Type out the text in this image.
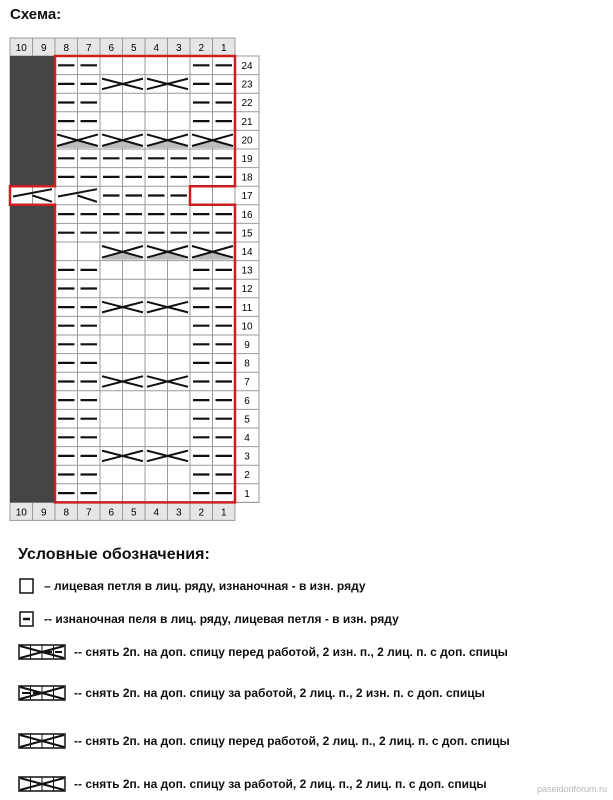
Схема:
10 9 8 7 6 5 4 3 2 1
10 9 8 7 6 5 4 3 2 1
24
23
22
21
20
19
18
17
16
15
14
13
12
11
10
9
8
7
6
5
4
3
2
1
Условные обозначения:
– лицевая петля в лиц. ряду, изнаночная - в изн. ряду
-- изнаночная пеля в лиц. ряду, лицевая петля - в изн. ряду
-- снять 2п. на доп. спицу перед работой, 2 изн. п., 2 лиц. п. с доп. спицы
-- снять 2п. на доп. спицу за работой, 2 лиц. п., 2 изн. п. с доп. спицы
-- снять 2п. на доп. спицу перед работой, 2 лиц. п., 2 лиц. п. с доп. спицы
-- снять 2п. на доп. спицу за работой, 2 лиц. п., 2 лиц. п. с доп. спицы	paseidonforum.ru
